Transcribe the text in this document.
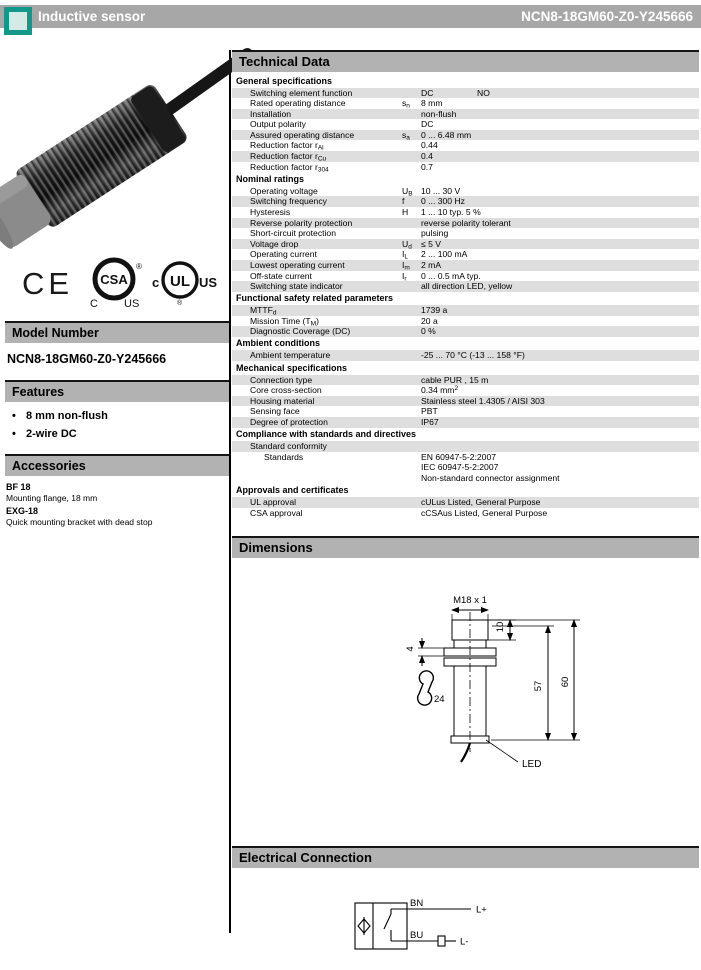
Inductive sensor	NCN8-18GM60-Z0-Y245666
CE CSA
®
C US
UL
c	US
®
Model Number
NCN8-18GM60-Z0-Y245666
Features
• 8 mm non-flush
• 2-wire DC
Accessories
BF 18
Mounting flange, 18 mm
EXG-18
Quick mounting bracket with dead stop
Technical Data
General specifications
Switching element function	DC	NO
Rated operating distance	$s_n$	8 mm
Installation	non-flush
Output polarity	DC
Assured operating distance	$s_a$	0 ... 6.48 mm
Reduction factor $r_{Al}$	0.44
Reduction factor $r_{Cu}$	0.4
Reduction factor $r_{304}$	0.7
Nominal ratings
Operating voltage	$U_B$ 10 ... 30 V
Switching frequency	f	0 ... 300 Hz
Hysteresis	H	1 ... 10 typ. 5 %
Reverse polarity protection	reverse polarity tolerant
Short-circuit protection	pulsing
Voltage drop	$U_d$	≤ 5 V
Operating current	$I_L$	2 ... 100 mA
Lowest operating current	$I_m$	2 mA
Off-state current	$I_r$	0 ... 0.5 mA typ.
Switching state indicator	all direction LED, yellow
Functional safety related parameters
$MTTF_d$	1739 a
Mission Time $(T_M)$	20 a
Diagnostic Coverage (DC)	0 %
Ambient conditions
Ambient temperature	-25 ... 70 °C (-13 ... 158 °F)
Mechanical specifications
Connection type	cable PUR , 15 m
Core cross-section	0.34 $mm^2$
Housing material	Stainless steel 1.4305 / AISI 303
Sensing face	PBT
Degree of protection	IP67
Compliance with standards and directives
Standard conformity
Standards	EN 60947-5-2:2007
IEC 60947-5-2:2007
Non-standard connector assignment
Approvals and certificates
UL approval	cULus Listed, General Purpose
CSA approval	cCSAus Listed, General Purpose
Dimensions
M18 x 1
10
4
24
57 60
LED
Electrical Connection
BN
BU
L+
L-
